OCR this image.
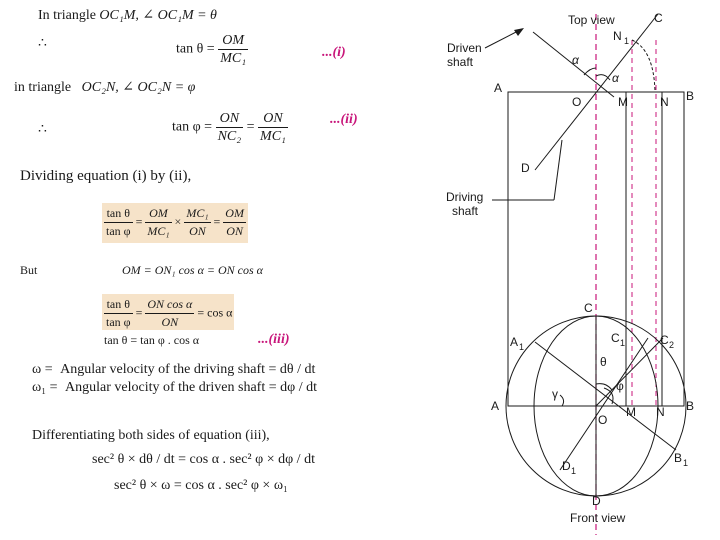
Top view	C
N 1
Driven
shaft	α
α
A
O	M	N B
D
Driving
shaft
C
A 1
C 1	C 2
θ
γ
φ
A
O
M N B
B 1
D 1
D
Front view
In triangle OC₁M, ∠ OC₁M = θ
∴	$\tan \theta = \frac{OM}{\text{MC₁}}$	...(i)
in triangle OC₂N, ∠ OC₂N = φ
∴	$\tan \varphi = \frac{ON}{\text{NC₂}} = \frac{ON}{\text{MC₁}}$	...(ii)
Dividing equation (i) by (ii),
$\frac{\text{tan θ}}{\text{tan φ}} = \frac{OM}{\text{MC₁}} \times \frac{\text{MC₁}}{ON} = \frac{OM}{ON}$
But	OM = ON₁ cos α = ON cos α
$\frac{\text{tan θ}}{\text{tan φ}} = \frac{\text{ON cos α}}{ON} = \cos \alpha$
tan θ = tan φ . cos α	...(iii)
ω = Angular velocity of the driving shaft = dθ / dt
ω₁ = Angular velocity of the driven shaft = dφ / dt
Differentiating both sides of equation (iii),
sec² θ × dθ / dt = cos α . sec² φ × dφ / dt
sec² θ × ω = cos α . sec² φ × ω₁
